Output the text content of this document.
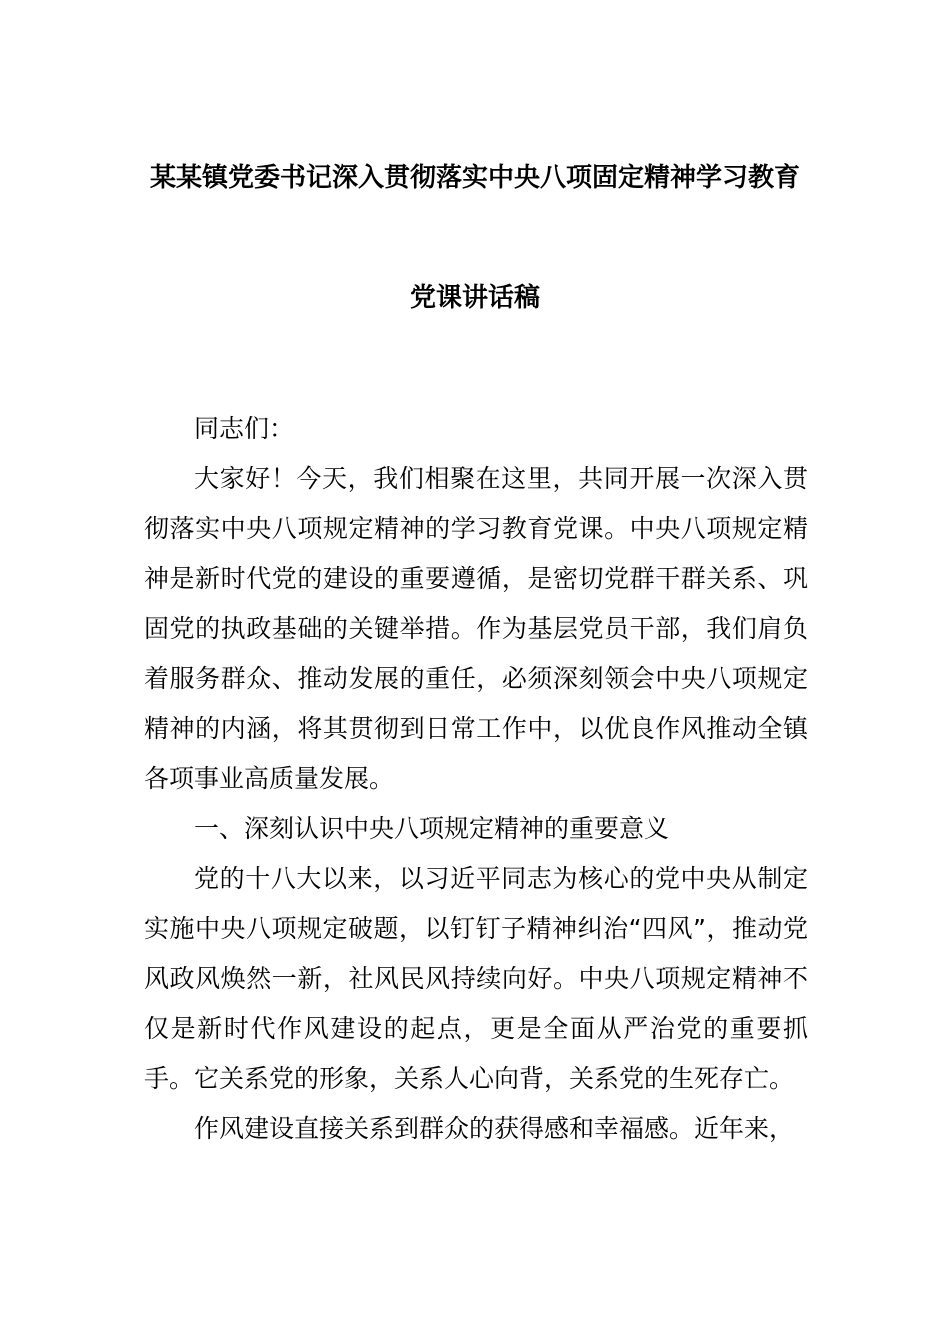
某某镇党委书记深入贯彻落实中央八项固定精神学习教育
党课讲话稿

同志们：

大家好！今天，我们相聚在这里，共同开展一次深入贯彻落实中央八项规定精神的学习教育党课。中央八项规定精神是新时代党的建设的重要遵循，是密切党群干群关系、巩固党的执政基础的关键举措。作为基层党员干部，我们肩负着服务群众、推动发展的重任，必须深刻领会中央八项规定精神的内涵，将其贯彻到日常工作中，以优良作风推动全镇各项事业高质量发展。

一、深刻认识中央八项规定精神的重要意义

党的十八大以来，以习近平同志为核心的党中央从制定实施中央八项规定破题，以钉钉子精神纠治“四风”，推动党风政风焕然一新，社风民风持续向好。中央八项规定精神不仅是新时代作风建设的起点，更是全面从严治党的重要抓手。它关系党的形象，关系人心向背，关系党的生死存亡。

作风建设直接关系到群众的获得感和幸福感。近年来，
